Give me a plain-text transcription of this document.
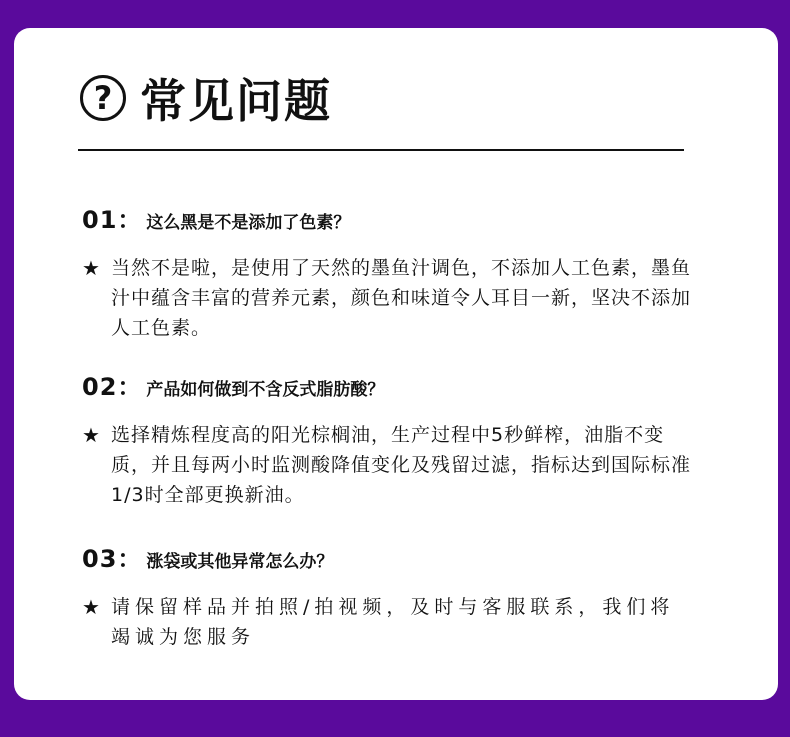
? 常见问题
01： 这么黑是不是添加了色素？
★ 当然不是啦，是使用了天然的墨鱼汁调色，不添加人工色素，墨鱼汁中蕴含丰富的营养元素，颜色和味道令人耳目一新，坚决不添加人工色素。
02： 产品如何做到不含反式脂肪酸？
★ 选择精炼程度高的阳光棕榈油，生产过程中5秒鲜榨，油脂不变质，并且每两小时监测酸降值变化及残留过滤，指标达到国际标准1/3时全部更换新油。
03： 涨袋或其他异常怎么办？
★ 请保留样品并拍照/拍视频，及时与客服联系，我们将竭诚为您服务
